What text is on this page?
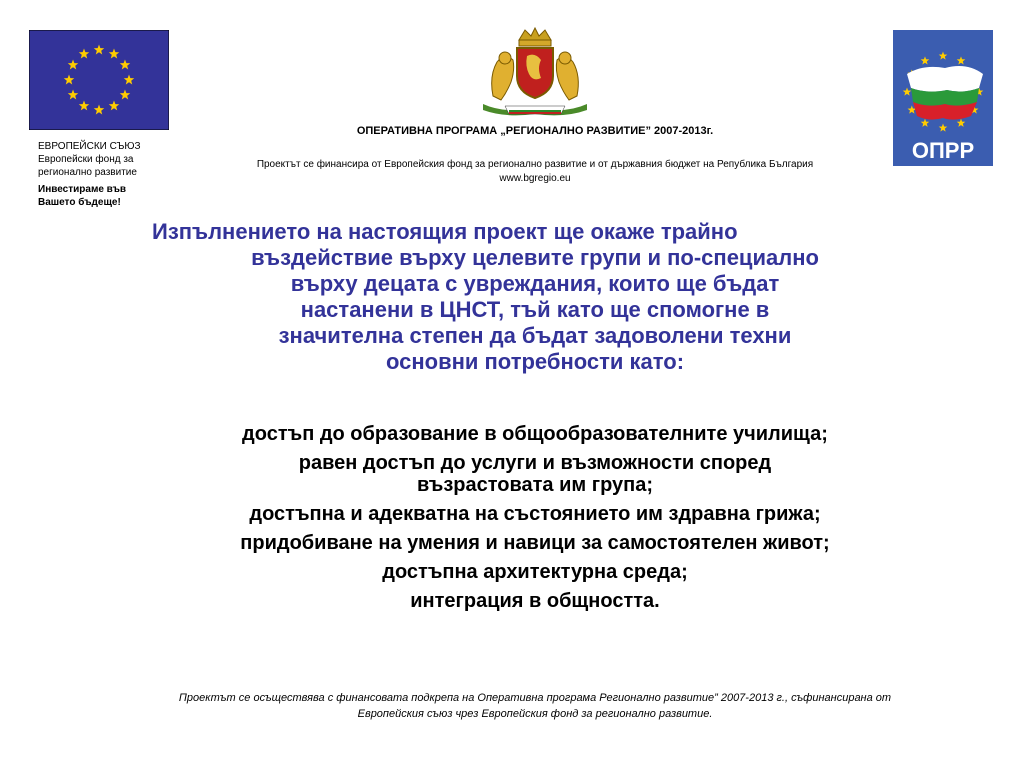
ЕВРОПЕЙСКИ СЪЮЗ
Европейски фонд за
регионално развитие
Инвестираме във
Вашето бъдеще!
ОПРР
ОПЕРАТИВНА ПРОГРАМА „РЕГИОНАЛНО РАЗВИТИЕ” 2007-2013г.
Проектът се финансира от Европейския фонд за регионално развитие и от държавния бюджет на Република България
www.bgregio.eu
Изпълнението на настоящия проект ще окаже трайно
въздействие върху целевите групи и по-специално
върху децата с увреждания, които ще бъдат
настанени в ЦНСТ, тъй като ще спомогне в
значителна степен да бъдат задоволени техни
основни потребности като:
достъп до образование в общообразователните училища;
равен достъп до услуги и възможности според
възрастовата им група;
достъпна и адекватна на състоянието им здравна грижа;
придобиване на умения и навици за самостоятелен живот;
достъпна архитектурна среда;
интеграция в общността.
Проектът се осъществява с финансовата подкрепа на Оперативна програма Регионално развитие” 2007-2013 г., съфинансирана от
Европейския съюз чрез Европейския фонд за регионално развитие.
